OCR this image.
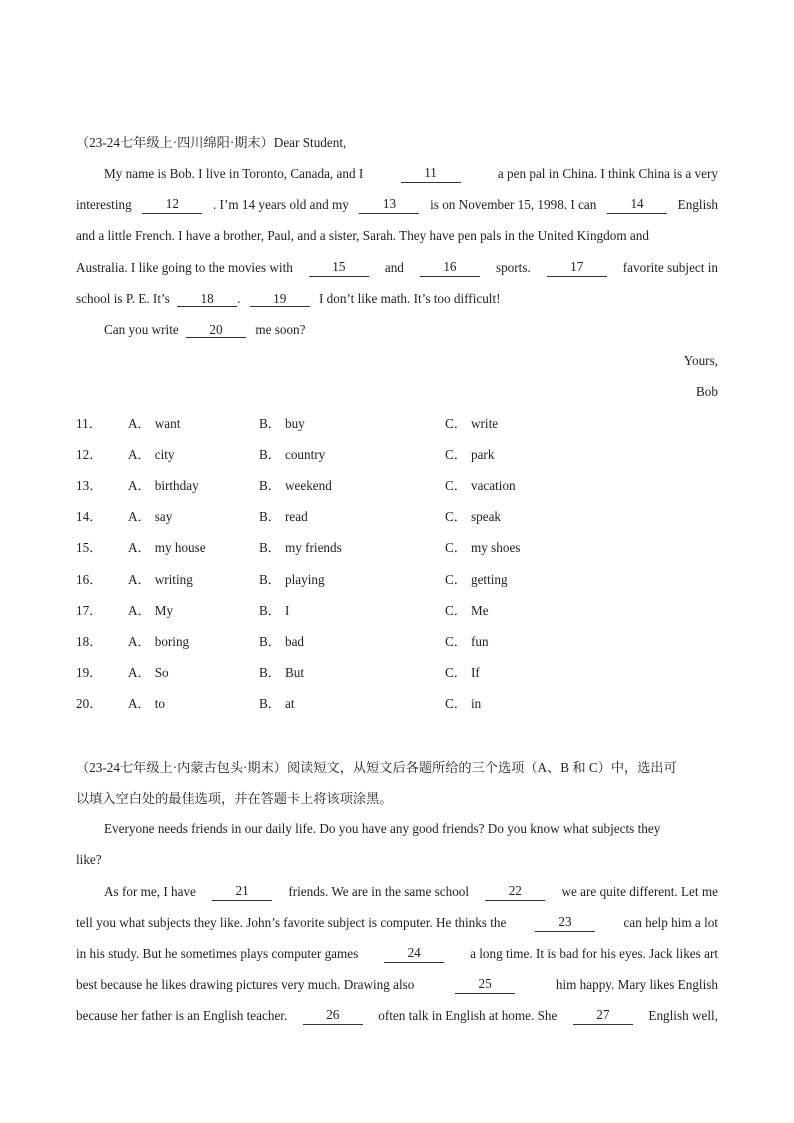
（23-24七年级上·四川绵阳·期末）Dear Student,
My name is Bob. I live in Toronto, Canada, and I	11	a pen pal in China. I think China is a very
interesting	12	. I’m 14 years old and my	13	is on November 15, 1998. I can	14	English
and a little French. I have a brother, Paul, and a sister, Sarah. They have pen pals in the United Kingdom and
Australia. I like going to the movies with	15	and	16	sports.	17	favorite subject in
school is P. E. It’s 18 . 19 I don’t like math. It’s too difficult!
Can you write 20 me soon?
Yours,
Bob
11． A． want	B． buy	C． write
12． A． city	B． country	C． park
13． A． birthday	B． weekend	C． vacation
14． A． say	B． read	C． speak
15． A． my house	B． my friends	C． my shoes
16． A． writing	B． playing	C． getting
17． A． My	B． I	C． Me
18． A． boring	B． bad	C． fun
19． A． So	B． But	C． If
20． A． to	B． at	C． in
（23-24七年级上·内蒙古包头·期末）阅读短文，从短文后各题所给的三个选项（A、B 和 C）中，选出可
以填入空白处的最佳选项，并在答题卡上将该项涂黑。
Everyone needs friends in our daily life. Do you have any good friends? Do you know what subjects they
like?
As for me, I have	21	friends. We are in the same school	22	we are quite different. Let me
tell you what subjects they like. John’s favorite subject is computer. He thinks the	23	can help him a lot
in his study. But he sometimes plays computer games	24	a long time. It is bad for his eyes. Jack likes art
best because he likes drawing pictures very much. Drawing also	25	him happy. Mary likes English
because her father is an English teacher.	26	often talk in English at home. She	27	English well,
